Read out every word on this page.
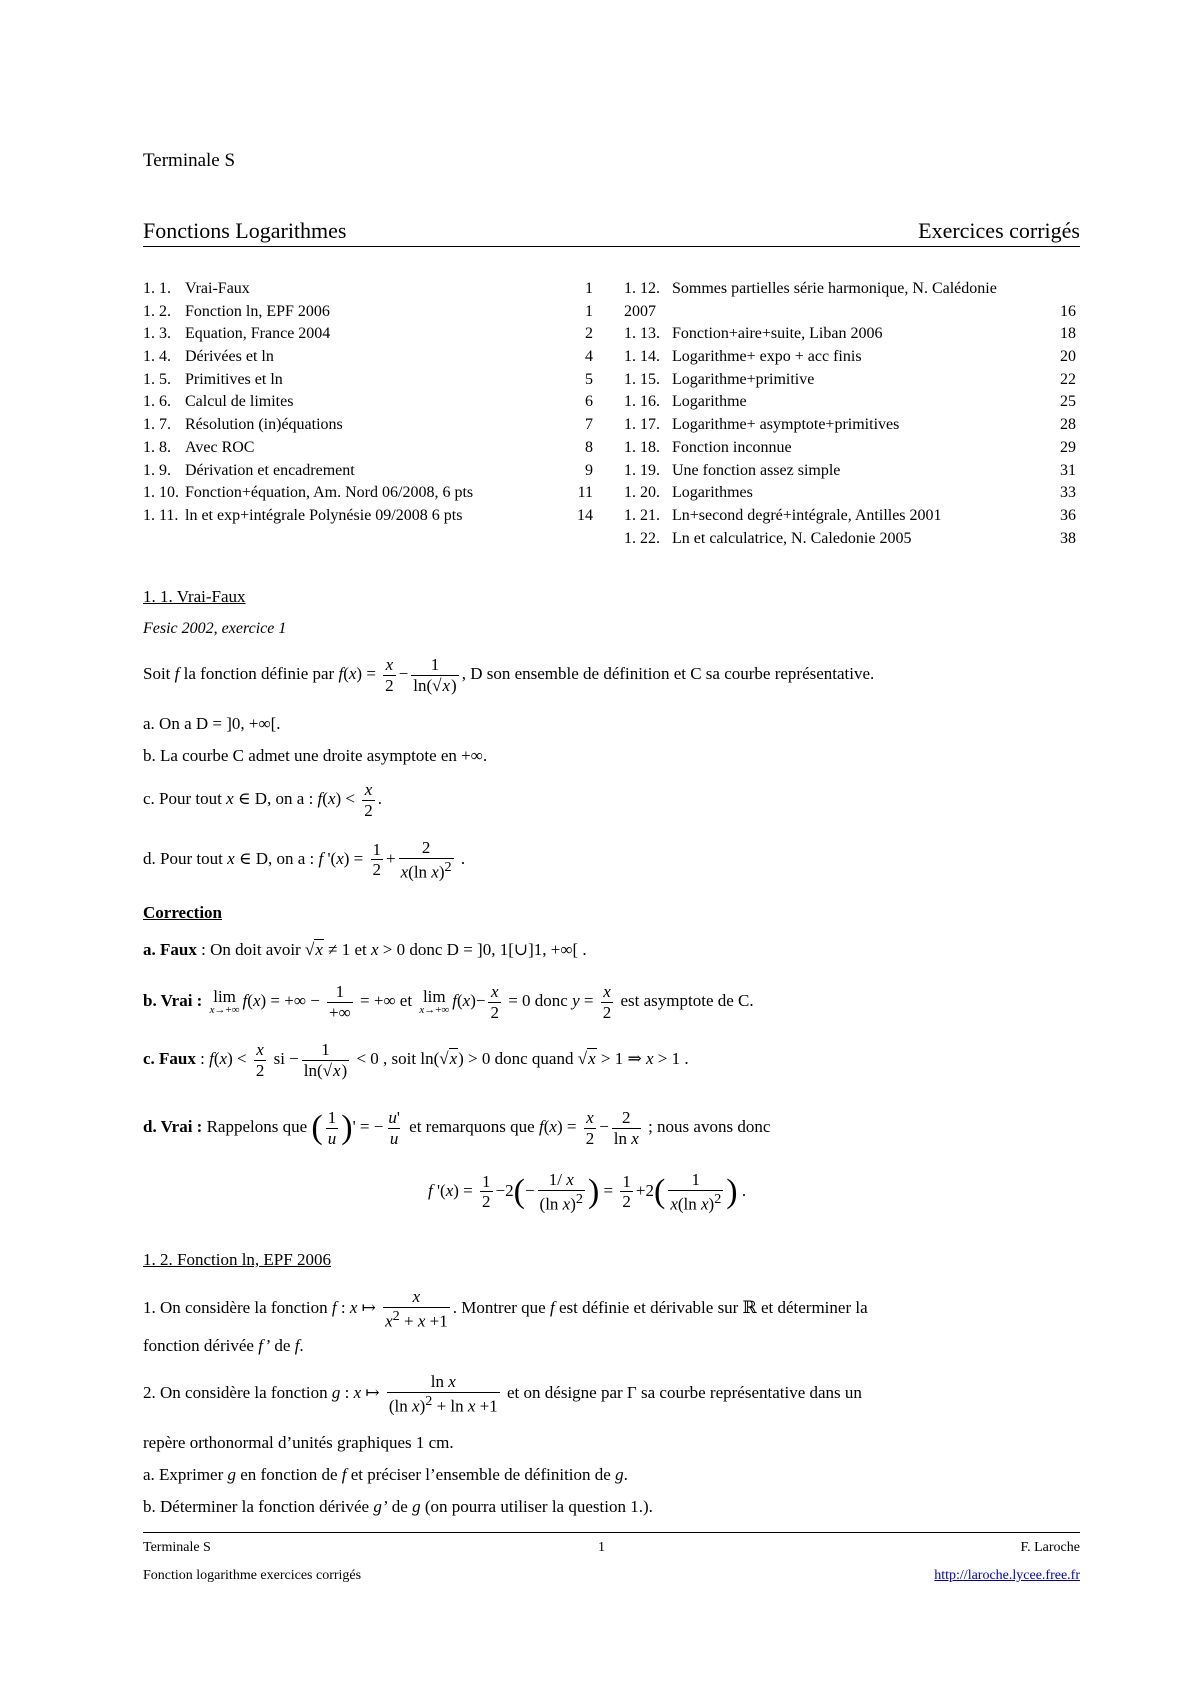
Terminale S
Fonctions Logarithmes	Exercices corrigés
1. 1. Vrai-Faux	1
1. 2. Fonction ln, EPF 2006	1
1. 3. Equation, France 2004	2
1. 4. Dérivées et ln	4
1. 5. Primitives et ln	5
1. 6. Calcul de limites	6
1. 7. Résolution (in)équations	7
1. 8. Avec ROC	8
1. 9. Dérivation et encadrement	9
1. 10. Fonction+équation, Am. Nord 06/2008, 6 pts	11
1. 11. ln et exp+intégrale Polynésie 09/2008 6 pts	14
1. 12. Sommes partielles série harmonique, N. Calédonie
2007	16
1. 13. Fonction+aire+suite, Liban 2006	18
1. 14. Logarithme+ expo + acc finis	20
1. 15. Logarithme+primitive	22
1. 16. Logarithme	25
1. 17. Logarithme+ asymptote+primitives	28
1. 18. Fonction inconnue	29
1. 19. Une fonction assez simple	31
1. 20. Logarithmes	33
1. 21. Ln+second degré+intégrale, Antilles 2001	36
1. 22. Ln et calculatrice, N. Caledonie 2005	38
1. 1. Vrai-Faux
Fesic 2002, exercice 1
Soit f la fonction définie par $f(x) = \frac{x}{2} - \frac{1}{\ln(√x)}$ , D son ensemble de définition et C sa courbe représentative.
a. On a D = ]0, +∞[.
b. La courbe C admet une droite asymptote en +∞.
c. Pour tout x ∈ D, on a : $f(x) < \frac{x}{2}$ .
d. Pour tout x ∈ D, on a : f '$(x) = \frac{1}{2} + \frac{2}{x(\ln x)^2}$ .
Correction
a. Faux : On doit avoir √x ≠ 1 et x > 0 donc D = ]0, 1[∪]1, +∞[ .
b. Vrai : lim
x→+∞
f(x) = +∞ − $\frac{1}{+\infty}$ = +∞ et lim
x→+∞
$f(x)- \frac{x}{2} = 0$ donc $y = \frac{x}{2}$ est asymptote de C.
c. Faux : $f(x) < \frac{x}{2}$ si − $\frac{1}{\ln(√x)} < 0$ , soit ln(√x) > 0 donc quand √x > 1 ⇒ x > 1 .
d. Vrai : Rappelons que ( $\frac{1}{u}$ )' = − $\frac{u'}{u}$ et remarquons que $f(x) = \frac{x}{2} - \frac{2}{\text{ln x}}$ ; nous avons donc
f '$(x) = \frac{1}{2} -2(- \frac{1/ x}{(\ln x)^2}$ ) = $\frac{1}{2} +2( \frac{1}{x(\ln x)^2}$ ) .
1. 2. Fonction ln, EPF 2006
1. On considère la fonction f : x ↦ $\frac{x}{x^2 + x +1}$ . Montrer que f est définie et dérivable sur ℝ et déterminer la
fonction dérivée f’ de f.
2. On considère la fonction g : x ↦ $\frac{\text{ln x}}{(\ln x)^2 + \ln x +1}$ et on désigne par Γ sa courbe représentative dans un
repère orthonormal d’unités graphiques 1 cm.
a. Exprimer g en fonction de f et préciser l’ensemble de définition de g.
b. Déterminer la fonction dérivée g’ de g (on pourra utiliser la question 1.).
Terminale S	1	F. Laroche
Fonction logarithme exercices corrigés	http://laroche.lycee.free.fr
